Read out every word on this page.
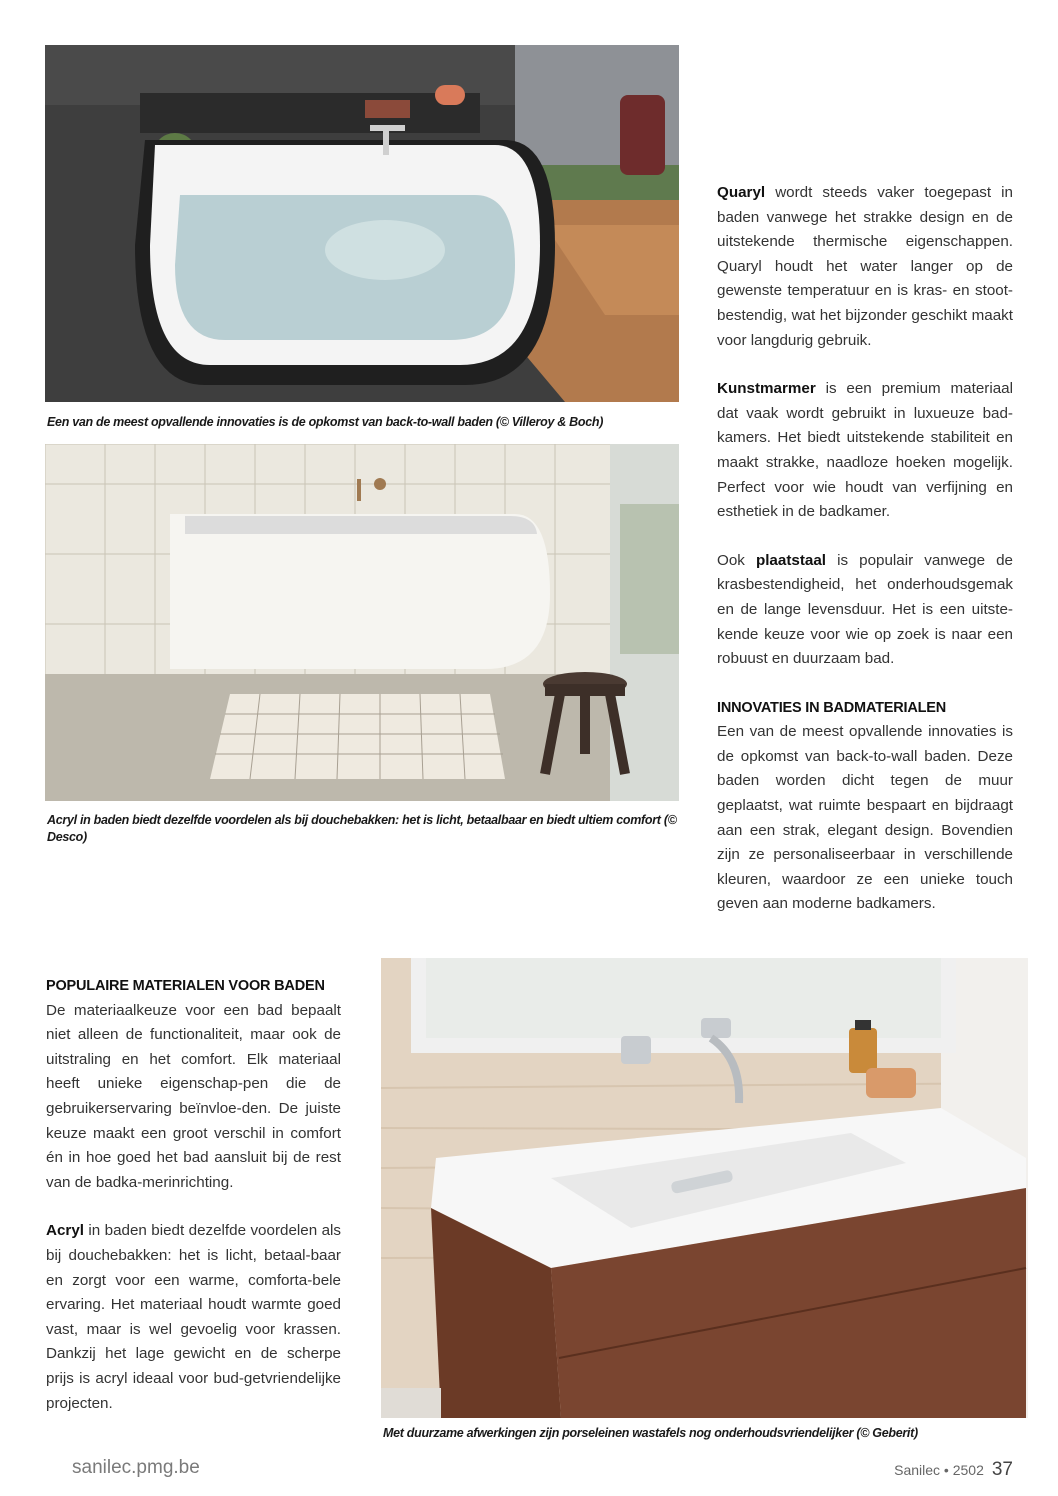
Een van de meest opvallende innovaties is de opkomst van back-to-wall baden (© Villeroy & Boch)
Acryl in baden biedt dezelfde voordelen als bij douchebakken: het is licht, betaalbaar en biedt ultiem comfort (© Desco)

Quaryl wordt steeds vaker toegepast in baden vanwege het strakke design en de uitstekende thermische eigenschappen. Quaryl houdt het water langer op de gewenste temperatuur en is kras- en stoot-bestendig, wat het bijzonder geschikt maakt voor langdurig gebruik.

Kunstmarmer is een premium materiaal dat vaak wordt gebruikt in luxueuze bad-kamers. Het biedt uitstekende stabiliteit en maakt strakke, naadloze hoeken mogelijk. Perfect voor wie houdt van verfijning en esthetiek in de badkamer.

Ook plaatstaal is populair vanwege de krasbestendigheid, het onderhoudsgemak en de lange levensduur. Het is een uitste-kende keuze voor wie op zoek is naar een robuust en duurzaam bad.

INNOVATIES IN BADMATERIALEN

Een van de meest opvallende innovaties is de opkomst van back-to-wall baden. Deze baden worden dicht tegen de muur geplaatst, wat ruimte bespaart en bijdraagt aan een strak, elegant design. Bovendien zijn ze personaliseerbaar in verschillende kleuren, waardoor ze een unieke touch geven aan moderne badkamers.

POPULAIRE MATERIALEN VOOR BADEN

De materiaalkeuze voor een bad bepaalt niet alleen de functionaliteit, maar ook de uitstraling en het comfort. Elk materiaal heeft unieke eigenschap-pen die de gebruikerservaring beïnvloe-den. De juiste keuze maakt een groot verschil in comfort én in hoe goed het bad aansluit bij de rest van de badka-merinrichting.

Acryl in baden biedt dezelfde voordelen als bij douchebakken: het is licht, betaal-baar en zorgt voor een warme, comforta-bele ervaring. Het materiaal houdt warmte goed vast, maar is wel gevoelig voor krassen. Dankzij het lage gewicht en de scherpe prijs is acryl ideaal voor bud-getvriendelijke projecten.

Met duurzame afwerkingen zijn porseleinen wastafels nog onderhoudsvriendelijker (© Geberit)
sanilec.pmg.be	Sanilec • 2502 37
